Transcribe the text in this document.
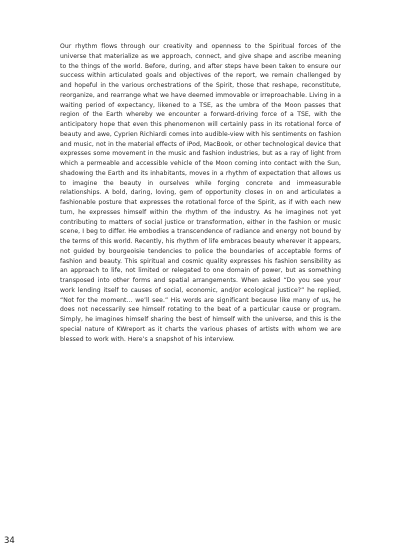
Our rhythm flows through our creativity and openness to the Spiritual forces of the universe that materialize as we approach, connect, and give shape and ascribe meaning to the things of the world. Before, during, and after steps have been taken to ensure our success within articulated goals and objectives of the report, we remain challenged by and hopeful in the various orchestrations of the Spirit, those that reshape, reconstitute, reorganize, and rearrange what we have deemed immovable or irreproachable. Living in a waiting period of expectancy, likened to a TSE, as the umbra of the Moon passes that region of the Earth whereby we encounter a forward-driving force of a TSE, with the anticipatory hope that even this phenomenon will certainly pass in its rotational force of beauty and awe, Cyprien Richiardi comes into audible-view with his sentiments on fashion and music, not in the material effects of iPod, MacBook, or other technological device that expresses some movement in the music and fashion industries, but as a ray of light from which a permeable and accessible vehicle of the Moon coming into contact with the Sun, shadowing the Earth and its inhabitants, moves in a rhythm of expectation that allows us to imagine the beauty in ourselves while forging concrete and immeasurable relationships. A bold, daring, loving, gem of opportunity closes in on and articulates a fashionable posture that expresses the rotational force of the Spirit, as if with each new turn, he expresses himself within the rhythm of the industry. As he imagines not yet contributing to matters of social justice or transformation, either in the fashion or music scene, I beg to differ. He embodies a transcendence of radiance and energy not bound by the terms of this world. Recently, his rhythm of life embraces beauty wherever it appears, not guided by bourgeoisie tendencies to police the boundaries of acceptable forms of fashion and beauty. This spiritual and cosmic quality expresses his fashion sensibility as an approach to life, not limited or relegated to one domain of power, but as something transposed into other forms and spatial arrangements. When asked “Do you see your work lending itself to causes of social, economic, and/or ecological justice?” he replied, “Not for the moment… we’ll see.” His words are significant because like many of us, he does not necessarily see himself rotating to the beat of a particular cause or program. Simply, he imagines himself sharing the best of himself with the universe, and this is the special nature of KWreport as it charts the various phases of artists with whom we are blessed to work with. Here’s a snapshot of his interview.

34
